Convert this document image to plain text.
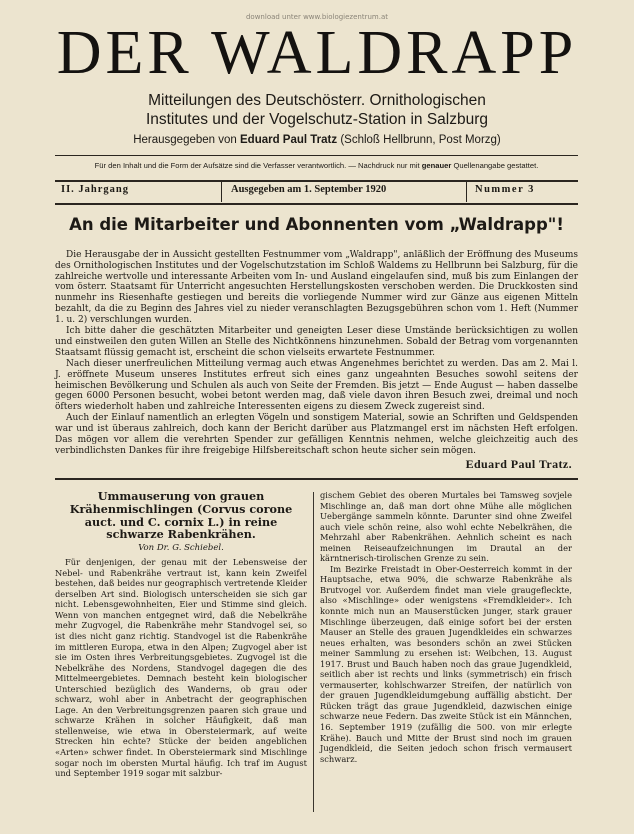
download unter www.biologiezentrum.at
DER WALDRAPP
Mitteilungen des Deutschösterr. Ornithologischen
Institutes und der Vogelschutz-Station in Salzburg
Herausgegeben von Eduard Paul Tratz (Schloß Hellbrunn, Post Morzg)
Für den Inhalt und die Form der Aufsätze sind die Verfasser verantwortlich. — Nachdruck nur mit genauer Quellenangabe gestattet.
II. Jahrgang	Ausgegeben am 1. September 1920	Nummer 3
An die Mitarbeiter und Abonnenten vom „Waldrapp"!

Die Herausgabe der in Aussicht gestellten Festnummer vom „Waldrapp", anläßlich der Eröffnung des Museums des Ornithologischen Institutes und der Vogelschutzstation im Schloß Waldems zu Hellbrunn bei Salzburg, für die zahlreiche wertvolle und interessante Arbeiten vom In- und Ausland eingelaufen sind, muß bis zum Einlangen der vom österr. Staatsamt für Unterricht angesuchten Herstellungskosten verschoben werden. Die Druckkosten sind nunmehr ins Riesenhafte gestiegen und bereits die vorliegende Nummer wird zur Gänze aus eigenen Mitteln bezahlt, da die zu Beginn des Jahres viel zu nieder veranschlagten Bezugsgebühren schon vom 1. Heft (Nummer 1. u. 2) verschlungen wurden.

Ich bitte daher die geschätzten Mitarbeiter und geneigten Leser diese Umstände berücksichtigen zu wollen und einstweilen den guten Willen an Stelle des Nichtkönnens hinzunehmen. Sobald der Betrag vom vorgenannten Staatsamt flüssig gemacht ist, erscheint die schon vielseits erwartete Festnummer.

Nach dieser unerfreulichen Mitteilung vermag auch etwas Angenehmes berichtet zu werden. Das am 2. Mai l. J. eröffnete Museum unseres Institutes erfreut sich eines ganz ungeahnten Besuches sowohl seitens der heimischen Bevölkerung und Schulen als auch von Seite der Fremden. Bis jetzt — Ende August — haben dasselbe gegen 6000 Personen besucht, wobei betont werden mag, daß viele davon ihren Besuch zwei, dreimal und noch öfters wiederholt haben und zahlreiche Interessenten eigens zu diesem Zweck zugereist sind.

Auch der Einlauf namentlich an erlegten Vögeln und sonstigem Material, sowie an Schriften und Geldspenden war und ist überaus zahlreich, doch kann der Bericht darüber aus Platzmangel erst im nächsten Heft erfolgen. Das mögen vor allem die verehrten Spender zur gefälligen Kenntnis nehmen, welche gleichzeitig auch des verbindlichsten Dankes für ihre freigebige Hilfsbereitschaft schon heute sicher sein mögen.

Eduard Paul Tratz.
Ummauserung von grauen Krähenmischlingen (Corvus corone auct. und C. cornix L.) in reine schwarze Rabenkrähen.
Von Dr. G. Schiebel.

Für denjenigen, der genau mit der Lebensweise der Nebel- und Rabenkrähe vertraut ist, kann kein Zweifel bestehen, daß beides nur geographisch vertretende Kleider derselben Art sind. Biologisch unterscheiden sie sich gar nicht. Lebensgewohnheiten, Eier und Stimme sind gleich. Wenn von manchen entgegnet wird, daß die Nebelkrähe mehr Zugvogel, die Rabenkrähe mehr Standvogel sei, so ist dies nicht ganz richtig. Standvogel ist die Rabenkrähe im mittleren Europa, etwa in den Alpen; Zugvogel aber ist sie im Osten ihres Verbreitungsgebietes. Zugvogel ist die Nebelkrähe des Nordens, Standvogel dagegen die des Mittelmeergebietes. Demnach besteht kein biologischer Unterschied bezüglich des Wanderns, ob grau oder schwarz, wohl aber in Anbetracht der geographischen Lage. An den Verbreitungsgrenzen paaren sich graue und schwarze Krähen in solcher Häufigkeit, daß man stellenweise, wie etwa in Obersteiermark, auf weite Strecken hin echte? Stücke der beiden angeblichen «Arten» schwer findet. In Obersteiermark sind Mischlinge sogar noch im obersten Murtal häufig. Ich traf im August und September 1919 sogar mit salzbur-

gischem Gebiet des oberen Murtales bei Tamsweg sovjele Mischlinge an, daß man dort ohne Mühe alle möglichen Uebergänge sammeln könnte. Darunter sind ohne Zweifel auch viele schön reine, also wohl echte Nebelkrähen, die Mehrzahl aber Rabenkrähen. Aehnlich scheint es nach meinen Reiseaufzeichnungen im Drautal an der kärntnerisch-tirolischen Grenze zu sein.

Im Bezirke Freistadt in Ober-Oesterreich kommt in der Hauptsache, etwa 90%, die schwarze Rabenkrähe als Brutvogel vor. Außerdem findet man viele graugefleckte, also «Mischlinge» oder wenigstens «Fremdkleider». Ich konnte mich nun an Mauserstücken junger, stark grauer Mischlinge überzeugen, daß einige sofort bei der ersten Mauser an Stelle des grauen Jugendkleides ein schwarzes neues erhalten, was besonders schön an zwei Stücken meiner Sammlung zu ersehen ist: Weibchen, 13. August 1917. Brust und Bauch haben noch das graue Jugendkleid, seitlich aber ist rechts und links (symmetrisch) ein frisch vermauserter, kohlschwarzer Streifen, der natürlich von der grauen Jugendkleidumgebung auffällig absticht. Der Rücken trägt das graue Jugendkleid, dazwischen einige schwarze neue Federn. Das zweite Stück ist ein Männchen, 16. September 1919 (zufällig die 500. von mir erlegte Krähe). Bauch und Mitte der Brust sind noch im grauen Jugendkleid, die Seiten jedoch schon frisch vermausert schwarz.
